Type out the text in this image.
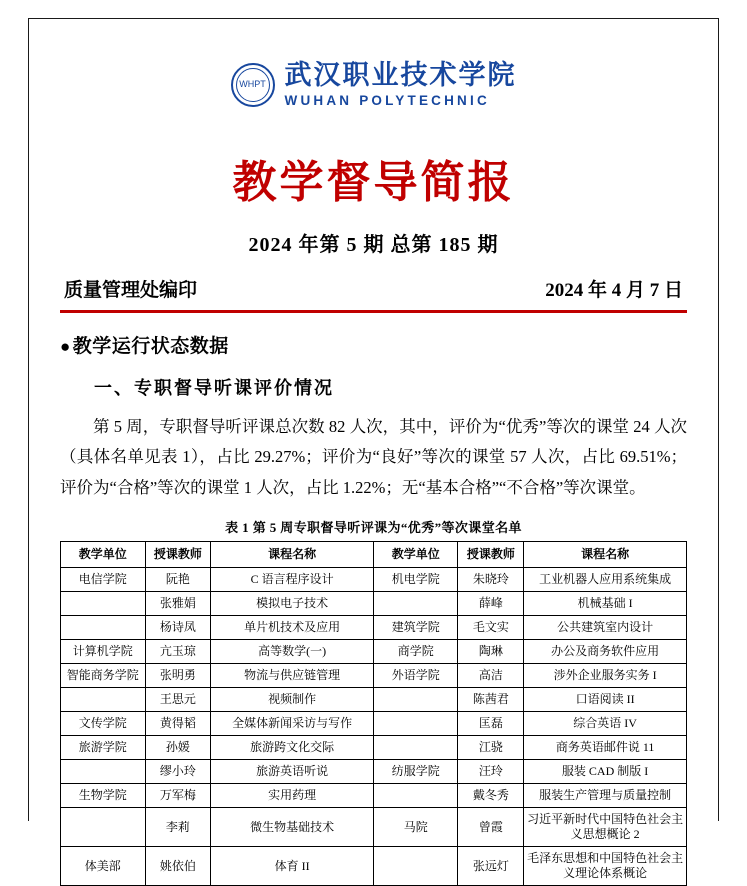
WHPT 武汉职业技术学院
WUHAN POLYTECHNIC
教学督导简报
2024 年第 5 期 总第 185 期
质量管理处编印	2024 年 4 月 7 日
● 教学运行状态数据
一、专职督导听课评价情况
第 5 周，专职督导听评课总次数 82 人次，其中，评价为“优秀”等次的课堂 24 人次（具体名单见表 1），占比 29.27%；评价为“良好”等次的课堂 57 人次，占比 69.51%；评价为“合格”等次的课堂 1 人次，占比 1.22%；无“基本合格”“不合格”等次课堂。
表 1 第 5 周专职督导听评课为“优秀”等次课堂名单
教学单位	授课教师	课程名称	教学单位	授课教师	课程名称
电信学院	阮艳	C 语言程序设计	机电学院	朱晓玲	工业机器人应用系统集成
	张雅娟	模拟电子技术		薛峰	机械基础 I
	杨诗凤	单片机技术及应用	建筑学院	毛文实	公共建筑室内设计
计算机学院	亢玉琼	高等数学(一)	商学院	陶琳	办公及商务软件应用
智能商务学院	张明勇	物流与供应链管理	外语学院	高洁	涉外企业服务实务 I
	王思元	视频制作		陈茜君	口语阅读 II
文传学院	黄得韬	全媒体新闻采访与写作		匡磊	综合英语 IV
旅游学院	孙媛	旅游跨文化交际		江骁	商务英语邮件说 11
	缪小玲	旅游英语听说	纺服学院	汪玲	服装 CAD 制版 I
生物学院	万军梅	实用药理		戴冬秀	服装生产管理与质量控制
	李莉	微生物基础技术	马院	曾霞	习近平新时代中国特色社会主义思想概论 2
体美部	姚依伯	体育 II		张远灯	毛泽东思想和中国特色社会主义理论体系概论
